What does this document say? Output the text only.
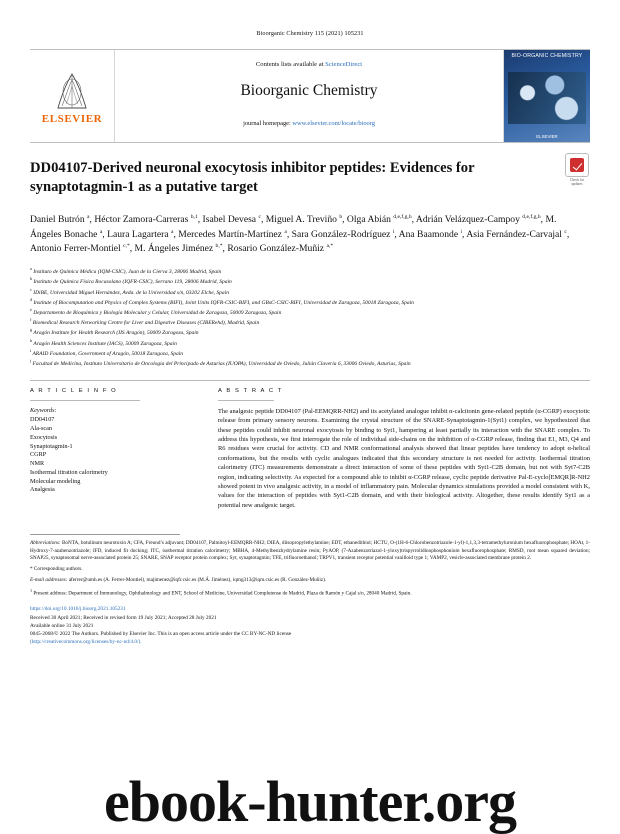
Bioorganic Chemistry 115 (2021) 105231
ELSEVIER
Contents lists available at ScienceDirect
Bioorganic Chemistry
journal homepage: www.elsevier.com/locate/bioorg
BIO-ORGANIC CHEMISTRY
ELSEVIER
Check for updates
DD04107-Derived neuronal exocytosis inhibitor peptides: Evidences for synaptotagmin-1 as a putative target
Daniel Butrón $^a$, Héctor Zamora-Carreras $^{b,1}$, Isabel Devesa $^c$, Miguel A. Treviño $^b$, Olga Abián $^{d,e,f,g,h}$, Adrián Velázquez-Campoy $^{d,e,f,g,h}$, M. Ángeles Bonache $^a$, Laura Lagartera $^a$, Mercedes Martín-Martínez $^a$, Sara González-Rodríguez $^i$, Ana Baamonde $^i$, Asia Fernández-Carvajal $^c$, Antonio Ferrer-Montiel $^{c,*}$, M. Ángeles Jiménez $^{b,*}$, Rosario González-Muñiz $^{a,*}$
$^a$ Instituto de Química Médica (IQM-CSIC), Juan de la Cierva 3, 28006 Madrid, Spain
$^b$ Instituto de Química Física Rocasolano (IQFR-CSIC), Serrano 119, 28006 Madrid, Spain
$^c$ IDiBE, Universidad Miguel Hernández, Avda. de la Universidad s/n, 03202 Elche, Spain
$^d$ Institute of Biocomputation and Physics of Complex Systems (BIFI), Joint Units IQFR-CSIC-BIFI, and GBsC-CSIC-BIFI, Universidad de Zaragoza, 50018 Zaragoza, Spain
$^e$ Departamento de Bioquímica y Biología Molecular y Celular, Universidad de Zaragoza, 50009 Zaragoza, Spain
$^f$ Biomedical Research Networking Centre for Liver and Digestive Diseases (CIBERehd), Madrid, Spain
$^g$ Aragón Institute for Health Research (IIS Aragón), 50009 Zaragoza, Spain
$^h$ Aragón Health Sciences Institute (IACS), 50009 Zaragoza, Spain
$^i$ ARAID Foundation, Government of Aragón, 50018 Zaragoza, Spain
$^j$ Facultad de Medicina, Instituto Universitario de Oncología del Principado de Asturias (IUOPA), Universidad de Oviedo, Julián Clavería 6, 33006 Oviedo, Asturias, Spain
A R T I C L E I N F O
Keywords:
DD04107
Ala-scan
Exocytosis
Synaptotagmin-1
CGRP
NMR
Isothermal titration calorimetry
Molecular modeling
Analgesia
A B S T R A C T
The analgesic peptide DD04107 (Pal-EEMQRR-NH2) and its acetylated analogue inhibit α-calcitonin gene-related peptide (α-CGRP) exocytotic release from primary sensory neurons. Examining the crystal structure of the SNARE-Synaptotagmin-1(Syt1) complex, we hypothesized that these peptides could inhibit neuronal exocytosis by binding to Syt1, hampering at least partially its interaction with the SNARE complex. To address this hypothesis, we first interrogate the role of individual side-chains on the inhibition of α-CGRP release, finding that E1, M3, Q4 and R6 residues were crucial for activity. CD and NMR conformational analysis showed that linear peptides have tendency to adopt α-helical conformations, but the results with cyclic analogues indicated that this secondary structure is not needed for activity. Isothermal titration calorimetry (ITC) measurements demonstrate a direct interaction of some of these peptides with Syt1-C2B domain, but not with Syt7-C2B region, indicating selectivity. As expected for a compound able to inhibit α-CGRP release, cyclic peptide derivative Pal-E-cyclo[EMQR]R-NH2 showed potent in vivo analgesic activity, in a model of inflammatory pain. Molecular dynamics simulations provided a model consistent with Kₐ values for the interaction of peptides with Syt1-C2B domain, and with their biological activity. Altogether, these results identify Syt1 as a potential new analgesic target.
Abbreviations: BoNTA, botulinum neurotoxin A; CFA, Freund’s adjuvant; DD04107, Palmitoyl-EEMQRR-NH2; DIEA, diisopropylethylamine; EDT, ethanedithiol; HCTU, O-(1H-6-Chlorobenzotriazole-1-yl)-1,1,3,3-tetramethyluronium hexafluorophosphate; HOAt, 1-Hydroxy-7-azabenzotriazole; IFD, induced fit docking; ITC, isothermal titration calorimetry; MBHA, 4-Methylbenzhydrylamine resin; PyAOP, (7-Azabenzotriazol-1-yloxy)trispyrrolidinophosphonium hexafluorophosphate; RMSD, root mean squared deviation; SNAP25, synaptosomal nerve-associated protein 25; SNARE, SNAP receptor protein complex; Syt, synaptotagmin; TFE, trifluoroethanol; TRPV1, transient receptor potential vanilloid type 1; VAMP2, vesicle-associated membrane protein 2.
* Corresponding authors.
E-mail addresses: aferrer@umh.es (A. Ferrer-Montiel), majimenez@iqfr.csic.es (M.Á. Jiménez), iqmg313@iqm.csic.es (R. González-Muñiz).
$^1$ Present address: Department of Immunology, Ophthalmology and ENT, School of Medicine, Universidad Complutense de Madrid, Plaza de Ramón y Cajal s/n, 28040 Madrid, Spain.
https://doi.org/10.1016/j.bioorg.2021.105231
Received 30 April 2021; Received in revised form 19 July 2021; Accepted 28 July 2021
Available online 31 July 2021
0045-2068/© 2022 The Authors. Published by Elsevier Inc. This is an open access article under the CC BY-NC-ND license
(http://creativecommons.org/licenses/by-nc-nd/4.0/).
ebook-hunter.org
